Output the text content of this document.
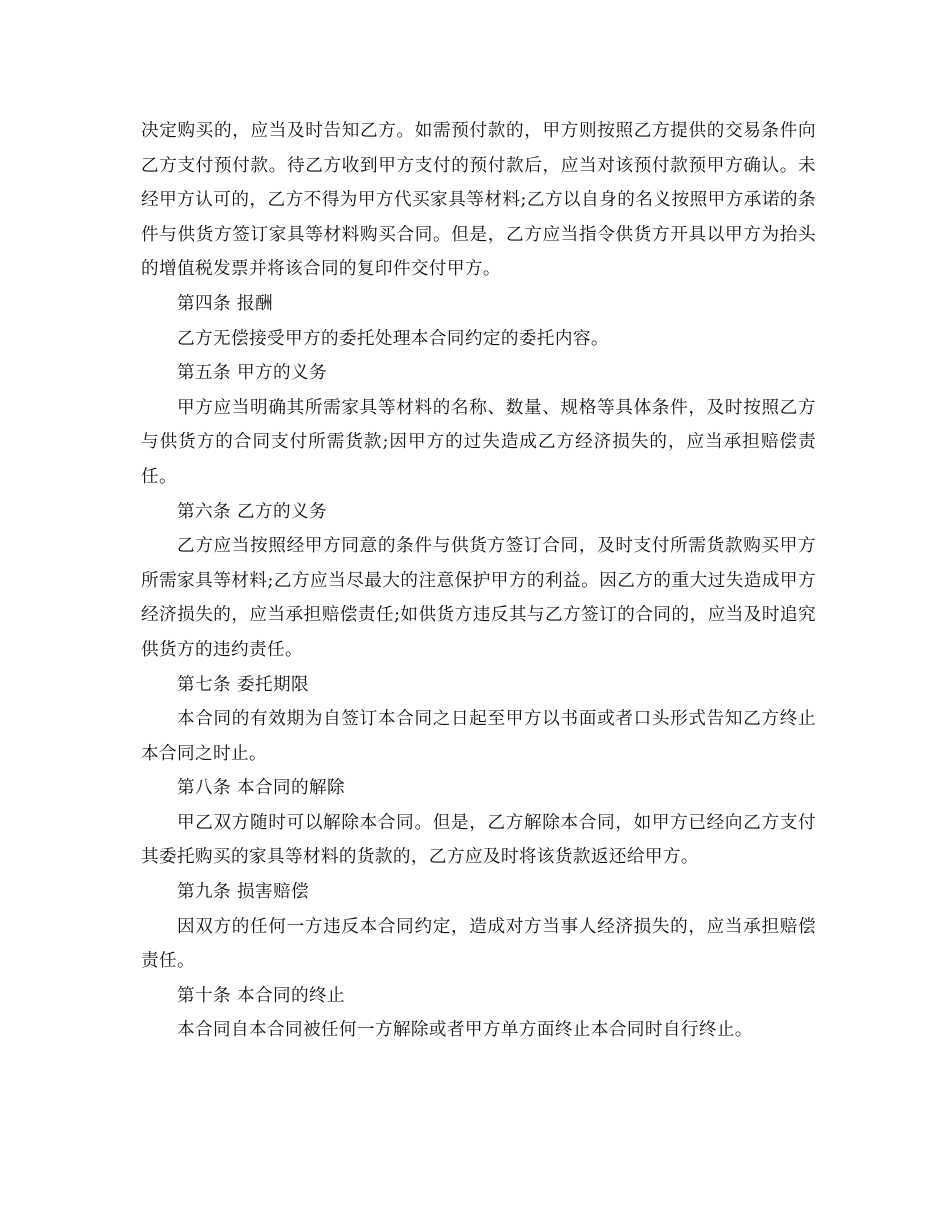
决定购买的，应当及时告知乙方。如需预付款的，甲方则按照乙方提供的交易条件向乙方支付预付款。待乙方收到甲方支付的预付款后，应当对该预付款预甲方确认。未经甲方认可的，乙方不得为甲方代买家具等材料;乙方以自身的名义按照甲方承诺的条件与供货方签订家具等材料购买合同。但是，乙方应当指令供货方开具以甲方为抬头的增值税发票并将该合同的复印件交付甲方。

第四条 报酬

乙方无偿接受甲方的委托处理本合同约定的委托内容。

第五条 甲方的义务

甲方应当明确其所需家具等材料的名称、数量、规格等具体条件，及时按照乙方与供货方的合同支付所需货款;因甲方的过失造成乙方经济损失的，应当承担赔偿责任。

第六条 乙方的义务

乙方应当按照经甲方同意的条件与供货方签订合同，及时支付所需货款购买甲方所需家具等材料;乙方应当尽最大的注意保护甲方的利益。因乙方的重大过失造成甲方经济损失的，应当承担赔偿责任;如供货方违反其与乙方签订的合同的，应当及时追究供货方的违约责任。

第七条 委托期限

本合同的有效期为自签订本合同之日起至甲方以书面或者口头形式告知乙方终止本合同之时止。

第八条 本合同的解除

甲乙双方随时可以解除本合同。但是，乙方解除本合同，如甲方已经向乙方支付其委托购买的家具等材料的货款的，乙方应及时将该货款返还给甲方。

第九条 损害赔偿

因双方的任何一方违反本合同约定，造成对方当事人经济损失的，应当承担赔偿责任。

第十条 本合同的终止

本合同自本合同被任何一方解除或者甲方单方面终止本合同时自行终止。
